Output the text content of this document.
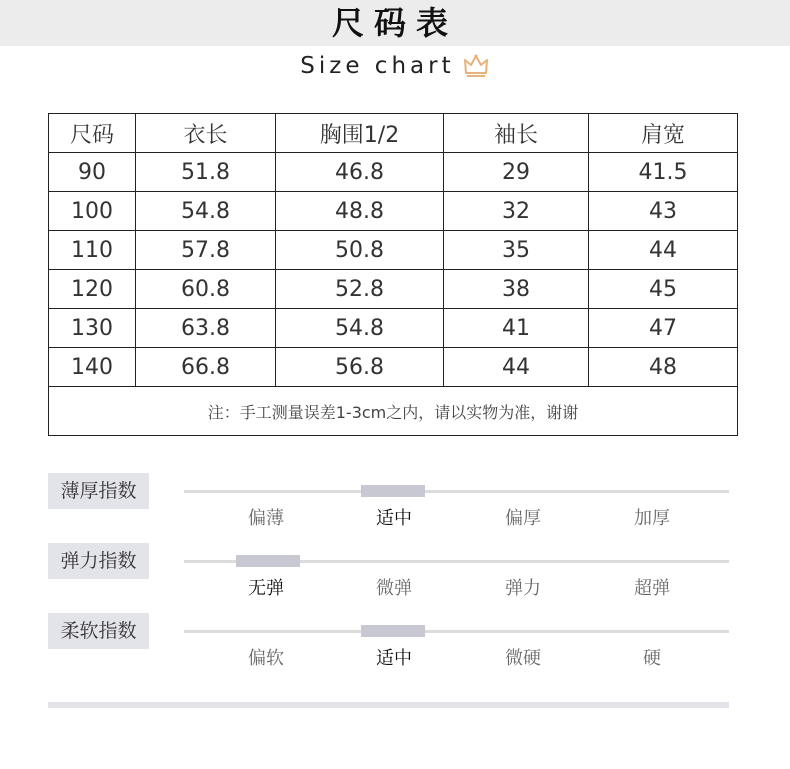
尺码表
Size chart
尺码	衣长	胸围1/2	袖长	肩宽
90	51.8	46.8	29	41.5
100	54.8	48.8	32	43
110	57.8	50.8	35	44
120	60.8	52.8	38	45
130	63.8	54.8	41	47
140	66.8	56.8	44	48
注：手工测量误差1-3cm之内，请以实物为准，谢谢				
薄厚指数
偏薄	适中	偏厚	加厚
弹力指数
无弹	微弹	弹力	超弹
柔软指数
偏软	适中	微硬	硬
